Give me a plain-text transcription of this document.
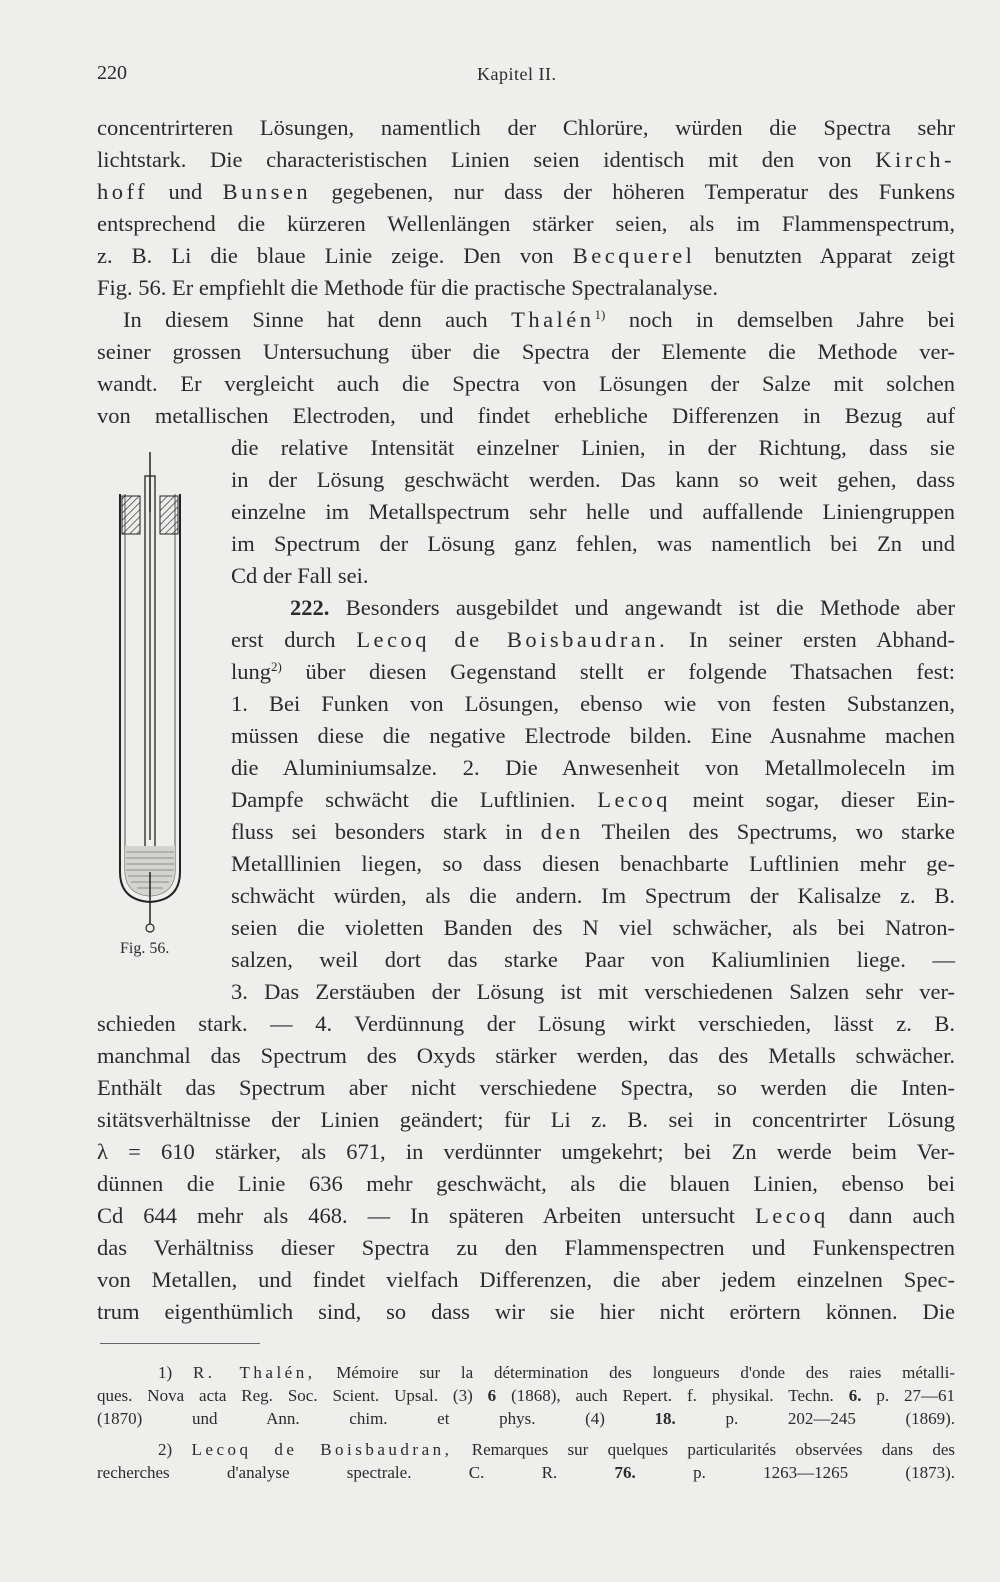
220	Kapitel II.
concentrirteren Lösungen, namentlich der Chlorüre, würden die Spectra sehr
lichtstark. Die characteristischen Linien seien identisch mit den von Kirch-
hoff und Bunsen gegebenen, nur dass der höheren Temperatur des Funkens
entsprechend die kürzeren Wellenlängen stärker seien, als im Flammenspectrum,
z. B. Li die blaue Linie zeige. Den von Becquerel benutzten Apparat zeigt
Fig. 56. Er empfiehlt die Methode für die practische Spectralanalyse.
In diesem Sinne hat denn auch Thalén$^{1)}$ noch in demselben Jahre bei
seiner grossen Untersuchung über die Spectra der Elemente die Methode ver-
wandt. Er vergleicht auch die Spectra von Lösungen der Salze mit solchen
von metallischen Electroden, und findet erhebliche Differenzen in Bezug auf
die relative Intensität einzelner Linien, in der Richtung, dass sie
in der Lösung geschwächt werden. Das kann so weit gehen, dass
einzelne im Metallspectrum sehr helle und auffallende Liniengruppen
im Spectrum der Lösung ganz fehlen, was namentlich bei Zn und
Cd der Fall sei.
222. Besonders ausgebildet und angewandt ist die Methode aber
erst durch Lecoq de Boisbaudran. In seiner ersten Abhand-
lung$^{2)}$ über diesen Gegenstand stellt er folgende Thatsachen fest:
1. Bei Funken von Lösungen, ebenso wie von festen Substanzen,
müssen diese die negative Electrode bilden. Eine Ausnahme machen
die Aluminiumsalze. 2. Die Anwesenheit von Metallmoleceln im
Dampfe schwächt die Luftlinien. Lecoq meint sogar, dieser Ein-
fluss sei besonders stark in den Theilen des Spectrums, wo starke
Metalllinien liegen, so dass diesen benachbarte Luftlinien mehr ge-
schwächt würden, als die andern. Im Spectrum der Kalisalze z. B.
seien die violetten Banden des N viel schwächer, als bei Natron-
salzen, weil dort das starke Paar von Kaliumlinien liege. —
3. Das Zerstäuben der Lösung ist mit verschiedenen Salzen sehr ver-
schieden stark. — 4. Verdünnung der Lösung wirkt verschieden, lässt z. B.
manchmal das Spectrum des Oxyds stärker werden, das des Metalls schwächer.
Enthält das Spectrum aber nicht verschiedene Spectra, so werden die Inten-
sitätsverhältnisse der Linien geändert; für Li z. B. sei in concentrirter Lösung
λ = 610 stärker, als 671, in verdünnter umgekehrt; bei Zn werde beim Ver-
dünnen die Linie 636 mehr geschwächt, als die blauen Linien, ebenso bei
Cd 644 mehr als 468. — In späteren Arbeiten untersucht Lecoq dann auch
das Verhältniss dieser Spectra zu den Flammenspectren und Funkenspectren
von Metallen, und findet vielfach Differenzen, die aber jedem einzelnen Spec-
trum eigenthümlich sind, so dass wir sie hier nicht erörtern können. Die
Fig. 56.
1) R. Thalén, Mémoire sur la détermination des longueurs d'onde des raies métalli-
ques. Nova acta Reg. Soc. Scient. Upsal. (3) 6 (1868), auch Repert. f. physikal. Techn. 6. p. 27—61
(1870) und Ann. chim. et phys. (4)	18.	p. 202—245 (1869).
2) Lecoq de Boisbaudran, Remarques sur quelques particularités observées dans des
recherches d'analyse spectrale. C. R.	76.	p. 1263—1265 (1873).
